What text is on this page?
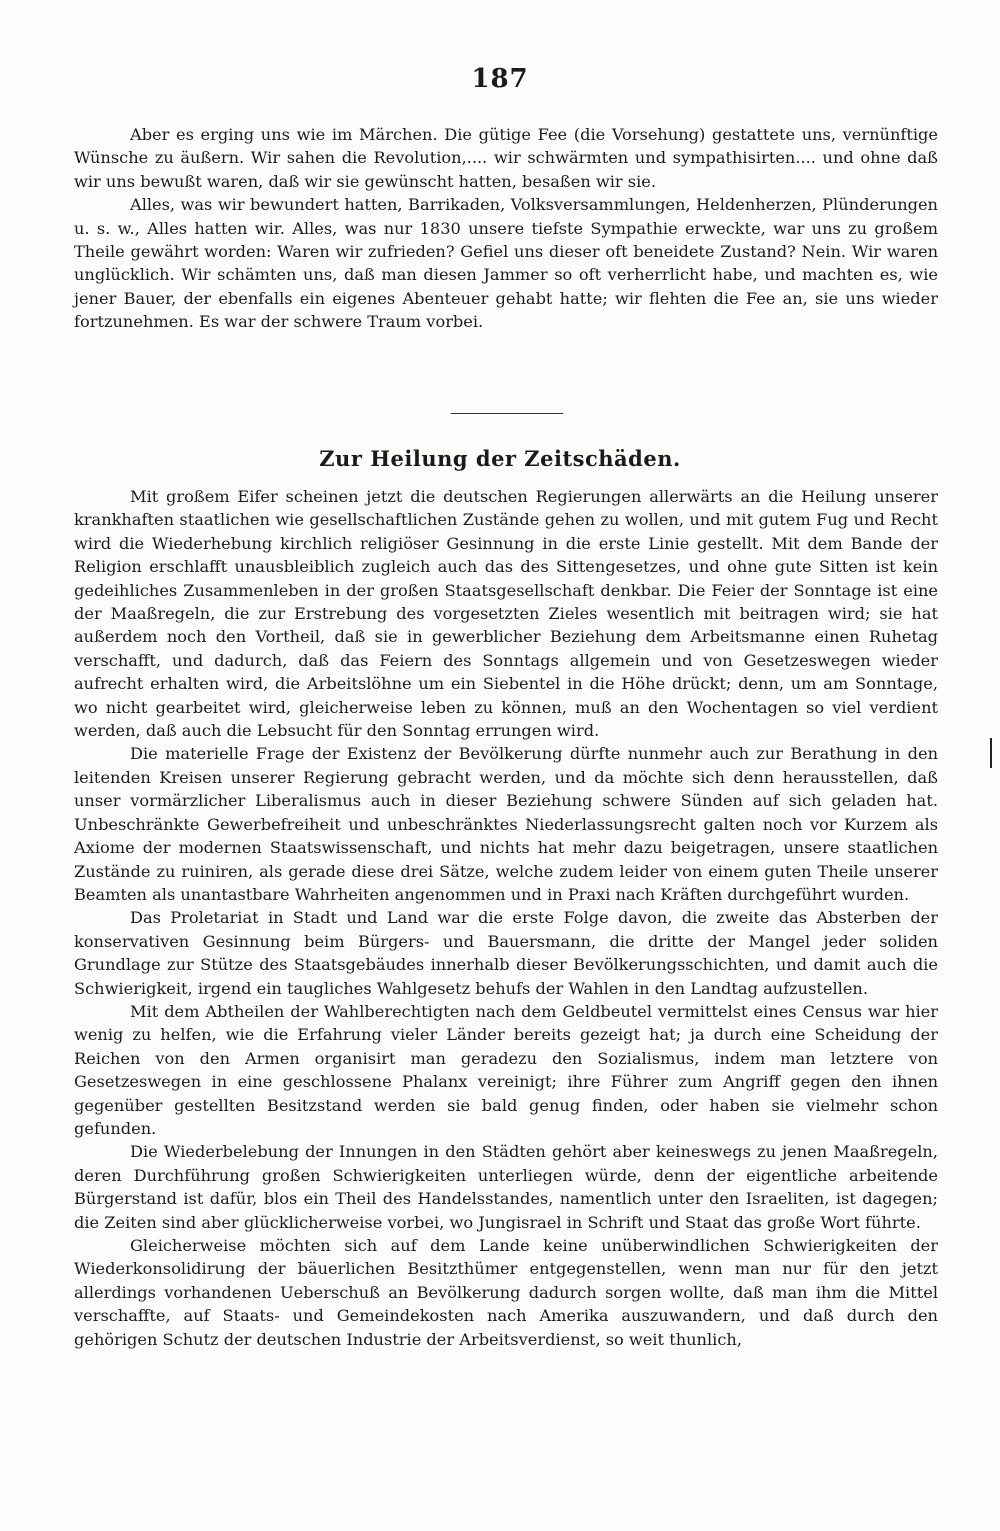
187

Aber es erging uns wie im Märchen. Die gütige Fee (die Vorsehung) gestattete uns, vernünftige Wünsche zu äußern. Wir sahen die Revolution,.... wir schwärmten und sympathisirten.... und ohne daß wir uns bewußt waren, daß wir sie gewünscht hatten, besaßen wir sie.

Alles, was wir bewundert hatten, Barrikaden, Volksversammlungen, Heldenherzen, Plünderungen u. s. w., Alles hatten wir. Alles, was nur 1830 unsere tiefste Sympathie erweckte, war uns zu großem Theile gewährt worden: Waren wir zufrieden? Gefiel uns dieser oft beneidete Zustand? Nein. Wir waren unglücklich. Wir schämten uns, daß man diesen Jammer so oft verherrlicht habe, und machten es, wie jener Bauer, der ebenfalls ein eigenes Abenteuer gehabt hatte; wir flehten die Fee an, sie uns wieder fortzunehmen. Es war der schwere Traum vorbei.

Zur Heilung der Zeitschäden.

Mit großem Eifer scheinen jetzt die deutschen Regierungen allerwärts an die Heilung unserer krankhaften staatlichen wie gesellschaftlichen Zustände gehen zu wollen, und mit gutem Fug und Recht wird die Wiederhebung kirchlich religiöser Gesinnung in die erste Linie gestellt. Mit dem Bande der Religion erschlafft unausbleiblich zugleich auch das des Sittengesetzes, und ohne gute Sitten ist kein gedeihliches Zusammenleben in der großen Staatsgesellschaft denkbar. Die Feier der Sonntage ist eine der Maaßregeln, die zur Erstrebung des vorgesetzten Zieles wesentlich mit beitragen wird; sie hat außerdem noch den Vortheil, daß sie in gewerblicher Beziehung dem Arbeitsmanne einen Ruhetag verschafft, und dadurch, daß das Feiern des Sonntags allgemein und von Gesetzeswegen wieder aufrecht erhalten wird, die Arbeitslöhne um ein Siebentel in die Höhe drückt; denn, um am Sonntage, wo nicht gearbeitet wird, gleicherweise leben zu können, muß an den Wochentagen so viel verdient werden, daß auch die Lebsucht für den Sonntag errungen wird.

Die materielle Frage der Existenz der Bevölkerung dürfte nunmehr auch zur Berathung in den leitenden Kreisen unserer Regierung gebracht werden, und da möchte sich denn herausstellen, daß unser vormärzlicher Liberalismus auch in dieser Beziehung schwere Sünden auf sich geladen hat. Unbeschränkte Gewerbefreiheit und unbeschränktes Niederlassungsrecht galten noch vor Kurzem als Axiome der modernen Staatswissenschaft, und nichts hat mehr dazu beigetragen, unsere staatlichen Zustände zu ruiniren, als gerade diese drei Sätze, welche zudem leider von einem guten Theile unserer Beamten als unantastbare Wahrheiten angenommen und in Praxi nach Kräften durchgeführt wurden.

Das Proletariat in Stadt und Land war die erste Folge davon, die zweite das Absterben der konservativen Gesinnung beim Bürgers- und Bauersmann, die dritte der Mangel jeder soliden Grundlage zur Stütze des Staatsgebäudes innerhalb dieser Bevölkerungsschichten, und damit auch die Schwierigkeit, irgend ein taugliches Wahlgesetz behufs der Wahlen in den Landtag aufzustellen.

Mit dem Abtheilen der Wahlberechtigten nach dem Geldbeutel vermittelst eines Census war hier wenig zu helfen, wie die Erfahrung vieler Länder bereits gezeigt hat; ja durch eine Scheidung der Reichen von den Armen organisirt man geradezu den Sozialismus, indem man letztere von Gesetzeswegen in eine geschlossene Phalanx vereinigt; ihre Führer zum Angriff gegen den ihnen gegenüber gestellten Besitzstand werden sie bald genug finden, oder haben sie vielmehr schon gefunden.

Die Wiederbelebung der Innungen in den Städten gehört aber keineswegs zu jenen Maaßregeln, deren Durchführung großen Schwierigkeiten unterliegen würde, denn der eigentliche arbeitende Bürgerstand ist dafür, blos ein Theil des Handelsstandes, namentlich unter den Israeliten, ist dagegen; die Zeiten sind aber glücklicherweise vorbei, wo Jungisrael in Schrift und Staat das große Wort führte.

Gleicherweise möchten sich auf dem Lande keine unüberwindlichen Schwierigkeiten der Wiederkonsolidirung der bäuerlichen Besitzthümer entgegenstellen, wenn man nur für den jetzt allerdings vorhandenen Ueberschuß an Bevölkerung dadurch sorgen wollte, daß man ihm die Mittel verschaffte, auf Staats- und Gemeindekosten nach Amerika auszuwandern, und daß durch den gehörigen Schutz der deutschen Industrie der Arbeitsverdienst, so weit thunlich,
